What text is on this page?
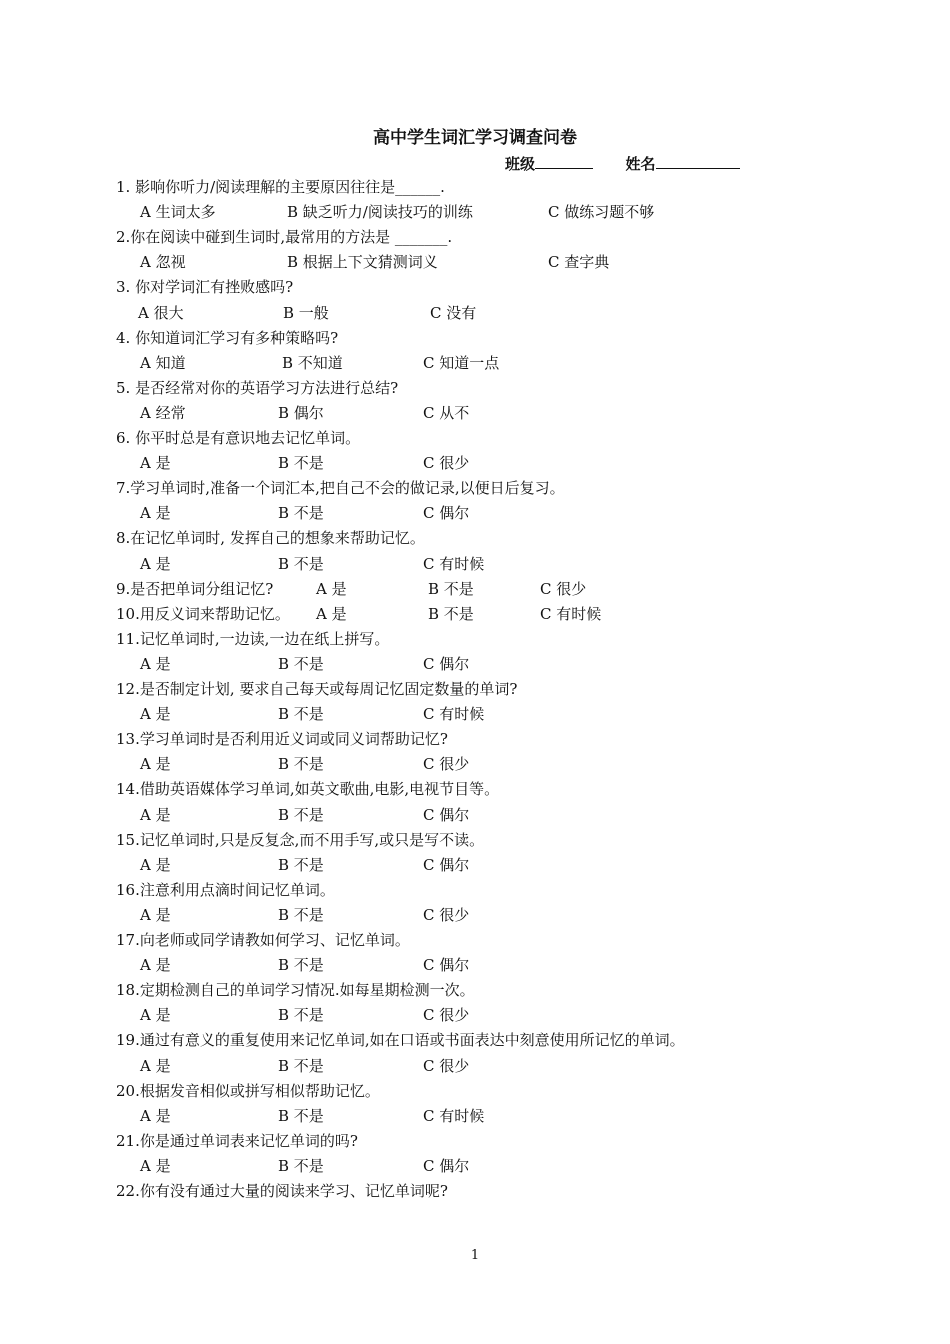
高中学生词汇学习调查问卷
班级	姓名
1. 影响你听力/阅读理解的主要原因往往是______.
A 生词太多	B 缺乏听力/阅读技巧的训练	C 做练习题不够
2.你在阅读中碰到生词时,最常用的方法是 _______.
A 忽视	B 根据上下文猜测词义	C 查字典
3. 你对学词汇有挫败感吗?
A 很大	B 一般	C 没有
4. 你知道词汇学习有多种策略吗?
A 知道	B 不知道	C 知道一点
5. 是否经常对你的英语学习方法进行总结?
A 经常	B 偶尔	C 从不
6. 你平时总是有意识地去记忆单词。
A 是	B 不是	C 很少
7.学习单词时,准备一个词汇本,把自己不会的做记录,以便日后复习。
A 是	B 不是	C 偶尔
8.在记忆单词时, 发挥自己的想象来帮助记忆。
A 是	B 不是	C 有时候
9.是否把单词分组记忆?	A 是	B 不是	C 很少
10.用反义词来帮助记忆。 A 是	B 不是	C 有时候
11.记忆单词时,一边读,一边在纸上拼写。
A 是	B 不是	C 偶尔
12.是否制定计划, 要求自己每天或每周记忆固定数量的单词?
A 是	B 不是	C 有时候
13.学习单词时是否利用近义词或同义词帮助记忆?
A 是	B 不是	C 很少
14.借助英语媒体学习单词,如英文歌曲,电影,电视节目等。
A 是	B 不是	C 偶尔
15.记忆单词时,只是反复念,而不用手写,或只是写不读。
A 是	B 不是	C 偶尔
16.注意利用点滴时间记忆单词。
A 是	B 不是	C 很少
17.向老师或同学请教如何学习、记忆单词。
A 是	B 不是	C 偶尔
18.定期检测自己的单词学习情况.如每星期检测一次。
A 是	B 不是	C 很少
19.通过有意义的重复使用来记忆单词,如在口语或书面表达中刻意使用所记忆的单词。
A 是	B 不是	C 很少
20.根据发音相似或拼写相似帮助记忆。
A 是	B 不是	C 有时候
21.你是通过单词表来记忆单词的吗?
A 是	B 不是	C 偶尔
22.你有没有通过大量的阅读来学习、记忆单词呢?
1
